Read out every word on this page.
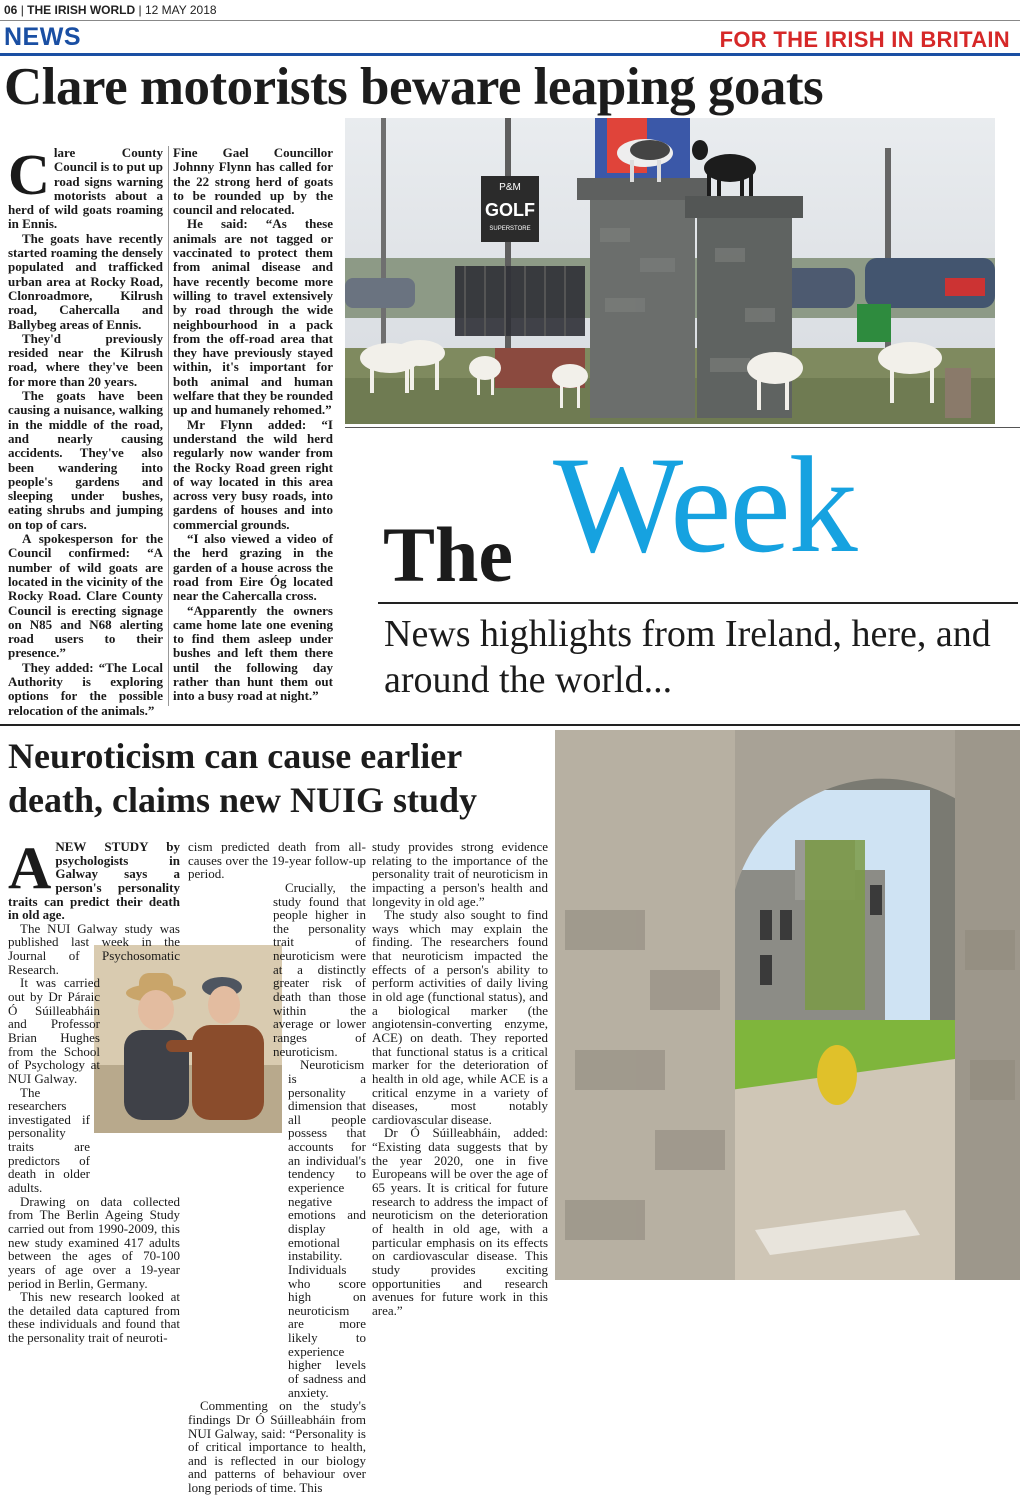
06 | THE IRISH WORLD | 12 MAY 2018
NEWS	FOR THE IRISH IN BRITAIN
Clare motorists beware leaping goats
C lare County Council is to put up road signs warning motorists about a herd of wild goats roaming in Ennis.

The goats have recently started roaming the densely populated and trafficked urban area at Rocky Road, Clonroadmore, Kilrush road, Cahercalla and Ballybeg areas of Ennis.

They'd previously resided near the Kilrush road, where they've been for more than 20 years.

The goats have been causing a nuisance, walking in the middle of the road, and nearly causing accidents. They've also been wandering into people's gardens and sleeping under bushes, eating shrubs and jumping on top of cars.

A spokesperson for the Council confirmed: “A number of wild goats are located in the vicinity of the Rocky Road. Clare County Council is erecting signage on N85 and N68 alerting road users to their presence.”

They added: “The Local Authority is exploring options for the possible relocation of the animals.”

Fine Gael Councillor Johnny Flynn has called for the 22 strong herd of goats to be rounded up by the council and relocated.

He said: “As these animals are not tagged or vaccinated to protect them from animal disease and have recently become more willing to travel extensively by road through the wide neighbourhood in a pack from the off-road area that they have previously stayed within, it's important for both animal and human welfare that they be rounded up and humanely rehomed.”

Mr Flynn added: “I understand the wild herd regularly now wander from the Rocky Road green right of way located in this area across very busy roads, into gardens of houses and into commercial grounds.

“I also viewed a video of the herd grazing in the garden of a house across the road from Eire Óg located near the Cahercalla cross.

“Apparently the owners came home late one evening to find them asleep under bushes and left them there until the following day rather than hunt them out into a busy road at night.”

P&M
GOLF
SUPERSTORE
The Week
News highlights from Ireland, here, and around the world...
Neuroticism can cause earlier death, claims new NUIG study
A NEW STUDY by psychologists in Galway says a person's personality traits can predict their death in old age.

The NUI Galway study was published last week in the Journal of Psychosomatic Research.

It was carried out by Dr Páraic Ó Súilleabháin and Professor Brian Hughes from the School of Psychology at NUI Galway.

The researchers investigated if personality traits are predictors of death in older adults.

Drawing on data collected from The Berlin Ageing Study carried out from 1990-2009, this new study examined 417 adults between the ages of 70-100 years of age over a 19-year period in Berlin, Germany.

This new research looked at the detailed data captured from these individuals and found that the personality trait of neuroti-

cism predicted death from all-causes over the 19-year follow-up period.

Crucially, the study found that people higher in the personality trait of neuroticism were at a distinctly greater risk of death than those within the average or lower ranges of neuroticism.

Neuroticism is a personality dimension that all people possess that accounts for an individual's tendency to experience negative emotions and display emotional instability. Individuals who score high on neuroticism are more likely to experience higher levels of sadness and anxiety.

Commenting on the study's findings Dr Ó Súilleabháin from NUI Galway, said: “Personality is of critical importance to health, and is reflected in our biology and patterns of behaviour over long periods of time. This

study provides strong evidence relating to the importance of the personality trait of neuroticism in impacting a person's health and longevity in old age.”

The study also sought to find ways which may explain the finding. The researchers found that neuroticism impacted the effects of a person's ability to perform activities of daily living in old age (functional status), and a biological marker (the angiotensin-converting enzyme, ACE) on death. They reported that functional status is a critical marker for the deterioration of health in old age, while ACE is a critical enzyme in a variety of diseases, most notably cardiovascular disease.

Dr Ó Súilleabháin, added: “Existing data suggests that by the year 2020, one in five Europeans will be over the age of 65 years. It is critical for future research to address the impact of neuroticism on the deterioration of health in old age, with a particular emphasis on its effects on cardiovascular disease. This study provides exciting opportunities and research avenues for future work in this area.”
